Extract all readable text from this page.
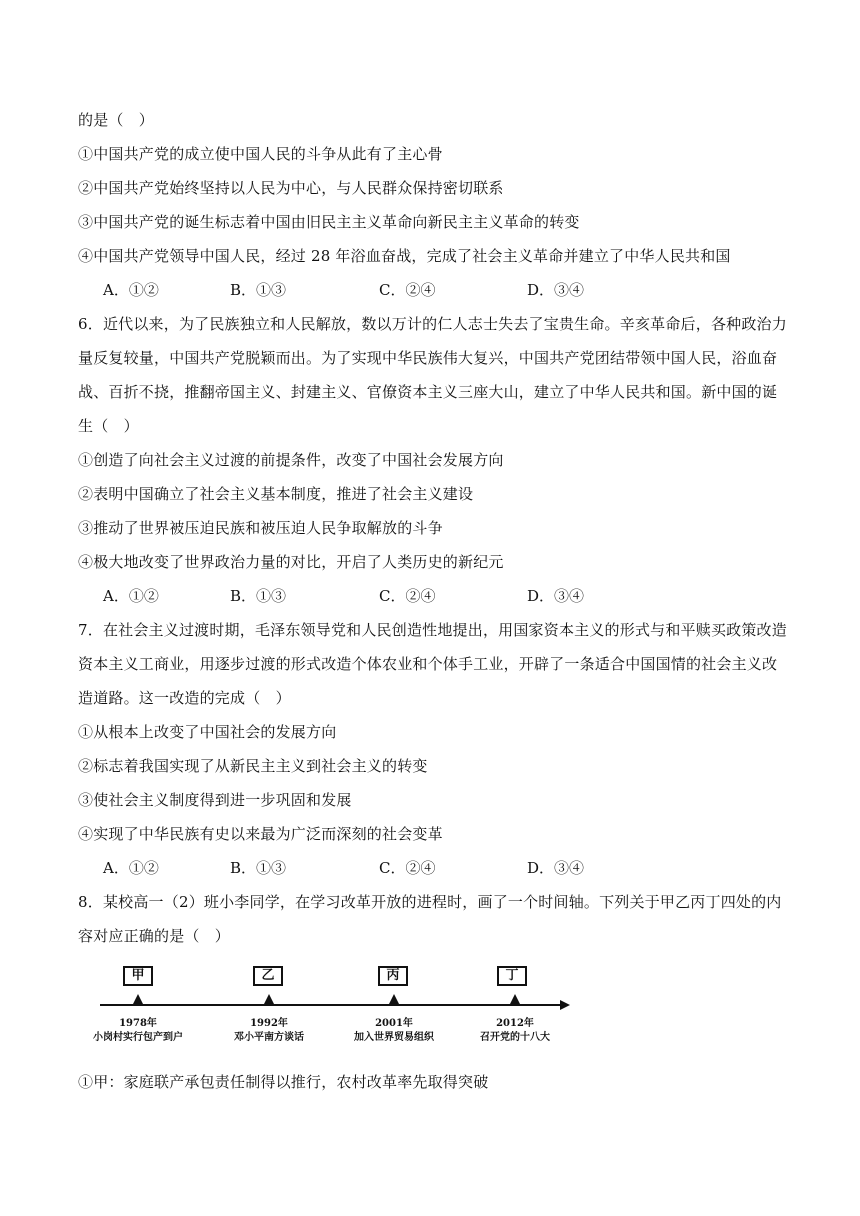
的是（　）
①中国共产党的成立使中国人民的斗争从此有了主心骨
②中国共产党始终坚持以人民为中心，与人民群众保持密切联系
③中国共产党的诞生标志着中国由旧民主主义革命向新民主主义革命的转变
④中国共产党领导中国人民，经过 28 年浴血奋战，完成了社会主义革命并建立了中华人民共和国
A．①②	B．①③	C．②④	D．③④
6．近代以来，为了民族独立和人民解放，数以万计的仁人志士失去了宝贵生命。辛亥革命后，各种政治力
量反复较量，中国共产党脱颖而出。为了实现中华民族伟大复兴，中国共产党团结带领中国人民，浴血奋
战、百折不挠，推翻帝国主义、封建主义、官僚资本主义三座大山，建立了中华人民共和国。新中国的诞
生（　）
①创造了向社会主义过渡的前提条件，改变了中国社会发展方向
②表明中国确立了社会主义基本制度，推进了社会主义建设
③推动了世界被压迫民族和被压迫人民争取解放的斗争
④极大地改变了世界政治力量的对比，开启了人类历史的新纪元
A．①②	B．①③	C．②④	D．③④
7．在社会主义过渡时期，毛泽东领导党和人民创造性地提出，用国家资本主义的形式与和平赎买政策改造
资本主义工商业，用逐步过渡的形式改造个体农业和个体手工业，开辟了一条适合中国国情的社会主义改
造道路。这一改造的完成（　）
①从根本上改变了中国社会的发展方向
②标志着我国实现了从新民主主义到社会主义的转变
③使社会主义制度得到进一步巩固和发展
④实现了中华民族有史以来最为广泛而深刻的社会变革
A．①②	B．①③	C．②④	D．③④
8．某校高一（2）班小李同学，在学习改革开放的进程时，画了一个时间轴。下列关于甲乙丙丁四处的内
容对应正确的是（　）
甲
1978年
小岗村实行包产到户
乙
1992年
邓小平南方谈话
丙
2001年
加入世界贸易组织
丁
2012年
召开党的十八大
①甲：家庭联产承包责任制得以推行，农村改革率先取得突破
